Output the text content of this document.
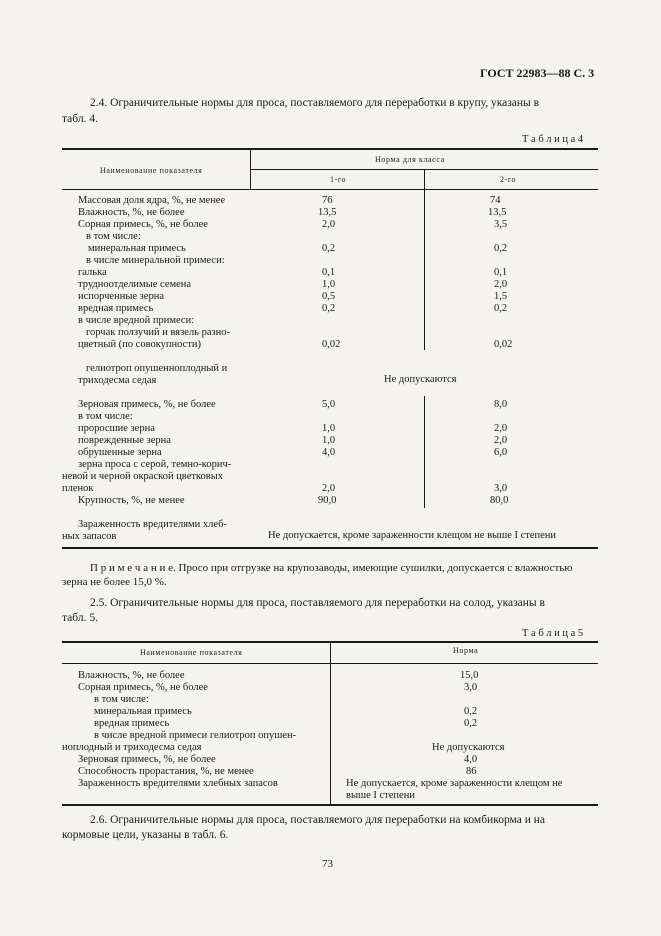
ГОСТ 22983—88 С. 3
2.4. Ограничительные нормы для проса, поставляемого для переработки в крупу, указаны в
табл. 4.
Т а б л и ц а 4
Наименование показателя
Норма для класса
1-го	2-го
Массовая доля ядра, %, не менее
Влажность, %, не более
Сорная примесь, %, не более
в том числе:
минеральная примесь
в числе минеральной примеси:
галька
трудноотделимые семена
испорченные зерна
вредная примесь
в числе вредной примеси:
горчак ползучий и вязель разно-
цветный (по совокупности)
гелиотроп опушенноплодный и
триходесма седая
Зерновая примесь, %, не более
в том числе:
проросшие зерна
поврежденные зерна
обрушенные зерна
зерна проса с серой, темно-корич-
невой и черной окраской цветковых
пленок
Крупность, %, не менее
Зараженность вредителями хлеб-
ных запасов
76
13,5
2,0
0,2
0,1
1,0
0,5
0,2
0,02
5,0
1,0
1,0
4,0
2,0
90,0
74
13,5
3,5
0,2
0,1
2,0
1,5
0,2
0,02
8,0
2,0
2,0
6,0
3,0
80,0
Не допускаются
Не допускается, кроме зараженности клещом не выше I степени
П р и м е ч а н и е. Просо при отгрузке на крупозаводы, имеющие сушилки, допускается с влажностью
зерна не более 15,0 %.
2.5. Ограничительные нормы для проса, поставляемого для переработки на солод, указаны в
табл. 5.
Т а б л и ц а 5
Наименование показателя	Норма
Влажность, %, не более
Сорная примесь, %, не более
в том числе:
минеральная примесь
вредная примесь
в числе вредной примеси гелиотроп опушен-
ноплодный и триходесма седая
Зерновая примесь, %, не более
Способность прорастания, %, не менее
Зараженность вредителями хлебных запасов
15,0
3,0
0,2
0,2
Не допускаются
4,0
86
Не допускается, кроме зараженности клещом не
выше I степени
2.6. Ограничительные нормы для проса, поставляемого для переработки на комбикорма и на
кормовые цели, указаны в табл. 6.
73
